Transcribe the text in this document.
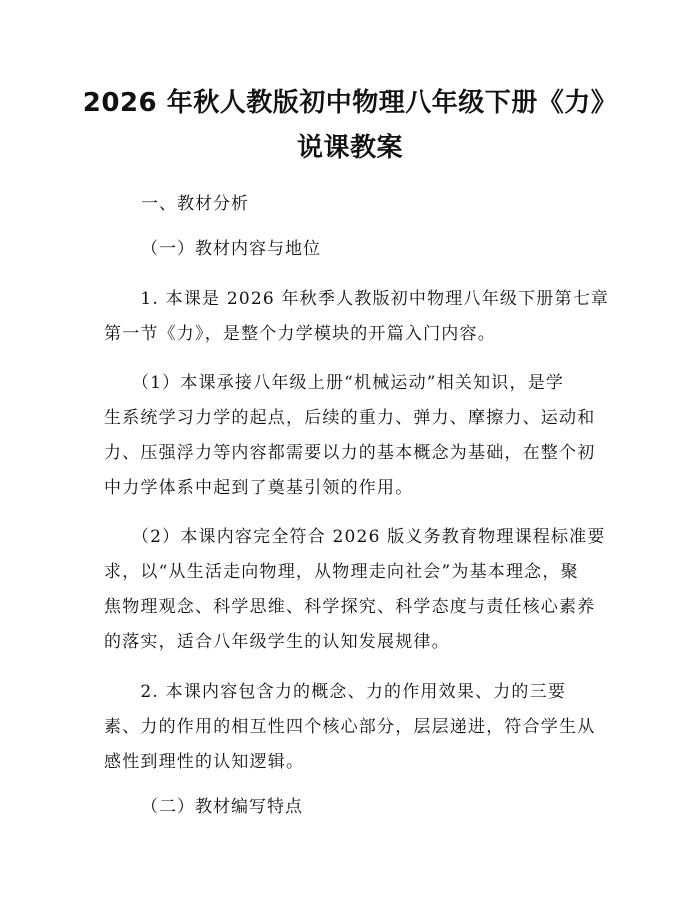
2026 年秋人教版初中物理八年级下册《力》
说课教案
一、教材分析
（一）教材内容与地位
　　1. 本课是 2026 年秋季人教版初中物理八年级下册第七章
第一节《力》，是整个力学模块的开篇入门内容。
　　（1）本课承接八年级上册“机械运动”相关知识，是学
生系统学习力学的起点，后续的重力、弹力、摩擦力、运动和
力、压强浮力等内容都需要以力的基本概念为基础，在整个初
中力学体系中起到了奠基引领的作用。
　　（2）本课内容完全符合 2026 版义务教育物理课程标准要
求，以“从生活走向物理，从物理走向社会”为基本理念，聚
焦物理观念、科学思维、科学探究、科学态度与责任核心素养
的落实，适合八年级学生的认知发展规律。
　　2. 本课内容包含力的概念、力的作用效果、力的三要
素、力的作用的相互性四个核心部分，层层递进，符合学生从
感性到理性的认知逻辑。
（二）教材编写特点
